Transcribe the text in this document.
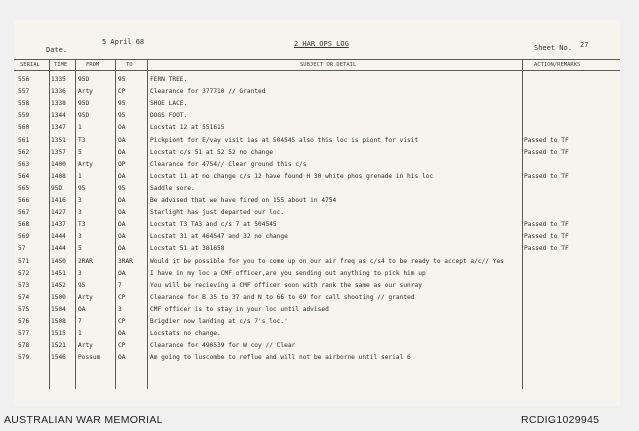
Date.
5 April 68	2 HAR OPS LOG	Sheet No. 27
SERIAL	TIME	FROM	TO	SUBJECT OR DETAIL	ACTION/REMARKS
556	1335	95D	95	FERN TREE.
557	1336	Arty	CP	Clearance for 377710 // Granted
558	1338	95D	95	SHOE LACE.
559	1344	95D	95	DOGS FOOT.
560	1347	1	OA	Locstat 12 at 551615
561	1351	T3	OA	Pickpiont for E/vay visit 1as at 504545 also this loc is piont for visit	Passed to TF
562	1357	5	OA	Locstat c/s 51 at 52 52 no change	Passed to TF
563	1400	Arty	OP	Clearance for 4754// Clear ground this c/s
564	1408	1	OA	Locstat 11 at no change c/s 12 have found H 30 white phos grenade in his loc	Passed to TF
565	95D	95	95	Saddle sore.
566	1416	3	OA	Be advised that we have fired on 155 about in 4754
567	1427	3	OA	Starlight has just departed our loc.
568	1437	T3	OA	Locstat T3 TA3 and c/s 7 at 504545	Passed to TF
569	1444	3	OA	Locstat 31 at 464547 and 32 no change	Passed to TF
57	1444	5	OA	Locstat 51 at 381658	Passed to TF
571	1450	2RAR	3RAR	Would it be possible for you to come up on our air freq as c/s4 to be ready to accept a/c// Yes
572	1451	3	OA	I have in my loc a CMF officer,are you sending out anything to pick him up
573	1452	95	7	You will be recieving a CMF officer soon with rank the same as our sunray
574	1500	Arty	CP	Clearance for B 35 to 37 and N to 66 to 69 for call shooting // granted
575	1504	OA	3	CMF officer is to stay in your loc until advised
576	1508	7	CP	Brigdier now landing at c/s 7's loc.'
577	1515	1	OA	Locstats no change.
578	1521	Arty	CP	Clearance for 490539 for W coy // Clear
579	1546	Possum	OA	Am going to luscombe to reflue and will not be airborne until serial 6
AUSTRALIAN WAR MEMORIAL	RCDIG1029945
